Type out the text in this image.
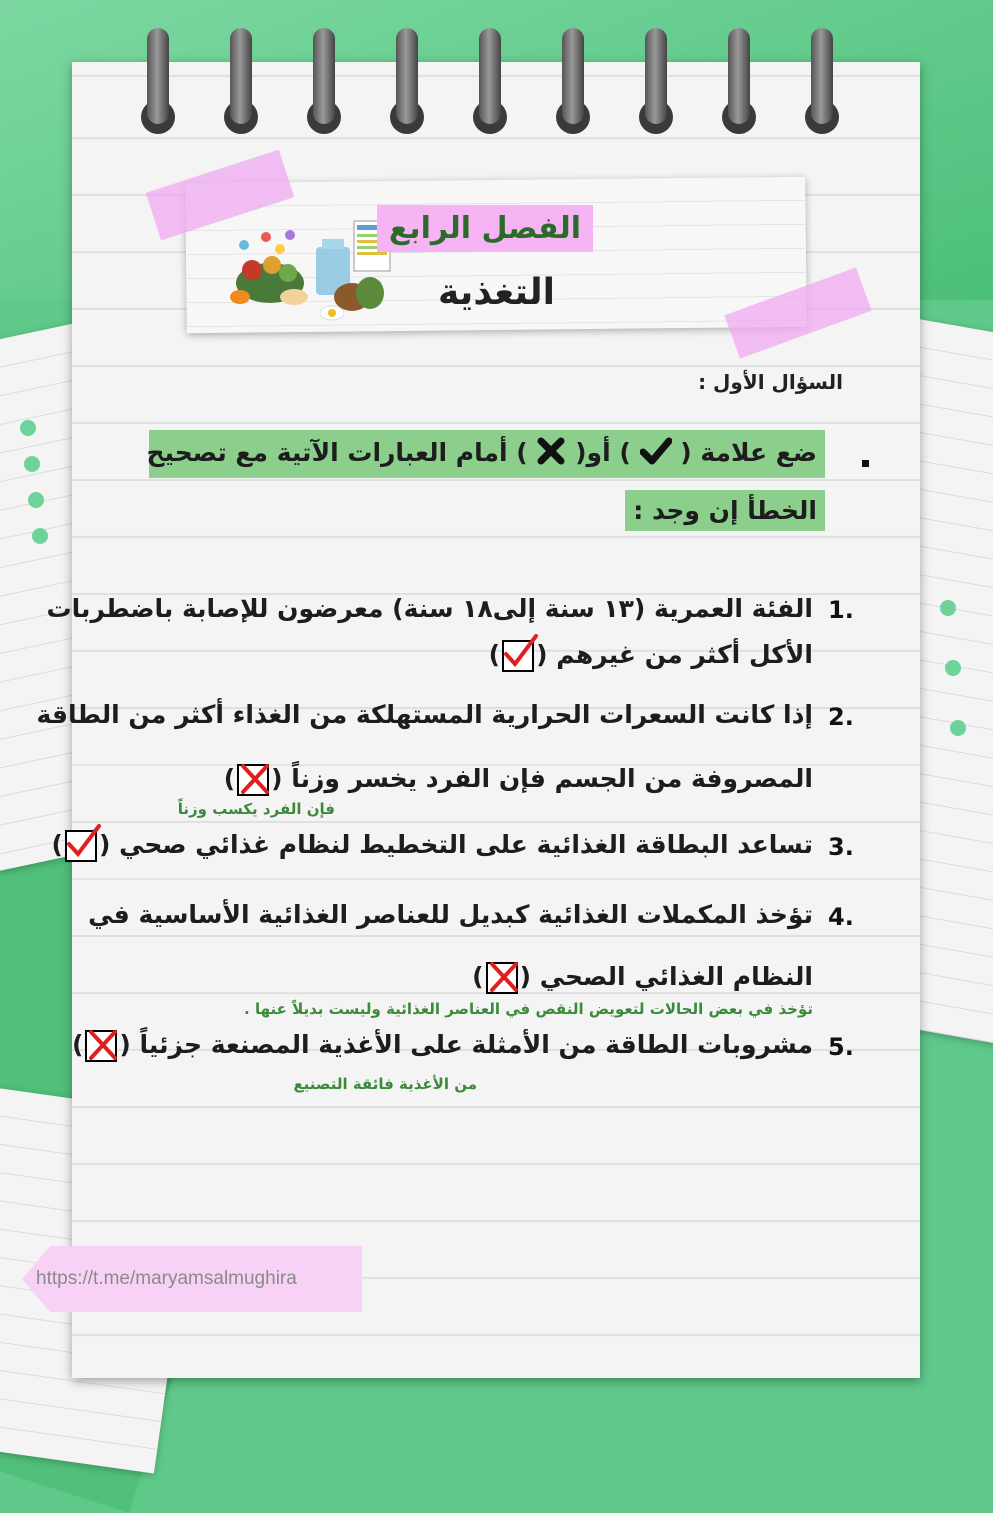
الفصل الرابع
التغذية
السؤال الأول :
ضع علامة (  ) أو(  ) أمام العبارات الآتية مع تصحيح
الخطأ إن وجد :
1.
الفئة العمرية (١٣ سنة إلى١٨ سنة) معرضون للإصابة باضطربات
الأكل أكثر من غيرهم (
)
2.
إذا كانت السعرات الحرارية المستهلكة من الغذاء أكثر من الطاقة
المصروفة من الجسم فإن الفرد يخسر وزناً (
)
فإن الفرد يكسب وزناً
3.
تساعد البطاقة الغذائية على التخطيط لنظام غذائي صحي (
)
4.
تؤخذ المكملات الغذائية كبديل للعناصر الغذائية الأساسية في
النظام الغذائي الصحي (
)
تؤخذ في بعض الحالات لتعويض النقص في العناصر الغذائية وليست بديلاً عنها .
5.
مشروبات الطاقة من الأمثلة على الأغذية المصنعة جزئياً (
)
من الأغذية فائقة التصنيع
https://t.me/maryamsalmughira
